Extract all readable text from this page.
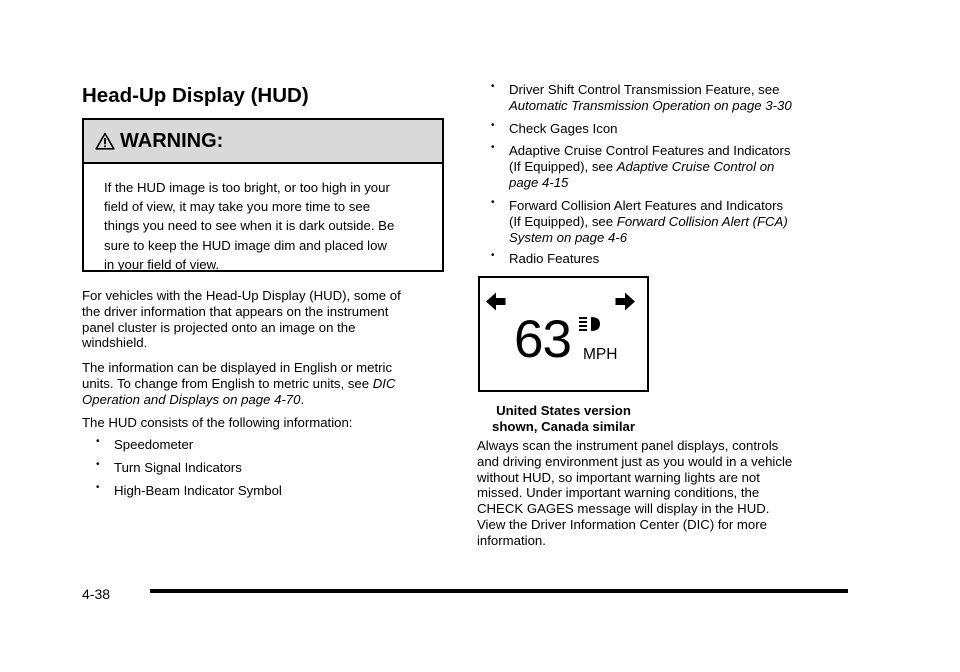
Head-Up Display (HUD)
WARNING:
If the HUD image is too bright, or too high in your
field of view, it may take you more time to see
things you need to see when it is dark outside. Be
sure to keep the HUD image dim and placed low
in your field of view.
For vehicles with the Head-Up Display (HUD), some of
the driver information that appears on the instrument
panel cluster is projected onto an image on the
windshield.
The information can be displayed in English or metric
units. To change from English to metric units, see DIC
Operation and Displays on page 4-70.
The HUD consists of the following information:
• Speedometer
• Turn Signal Indicators
• High-Beam Indicator Symbol
• Driver Shift Control Transmission Feature, see
Automatic Transmission Operation on page 3-30
• Check Gages Icon
• Adaptive Cruise Control Features and Indicators
(If Equipped), see Adaptive Cruise Control on
page 4-15
• Forward Collision Alert Features and Indicators
(If Equipped), see Forward Collision Alert (FCA)
System on page 4-6
• Radio Features
63 MPH
United States version
shown, Canada similar
Always scan the instrument panel displays, controls
and driving environment just as you would in a vehicle
without HUD, so important warning lights are not
missed. Under important warning conditions, the
CHECK GAGES message will display in the HUD.
View the Driver Information Center (DIC) for more
information.
4-38
